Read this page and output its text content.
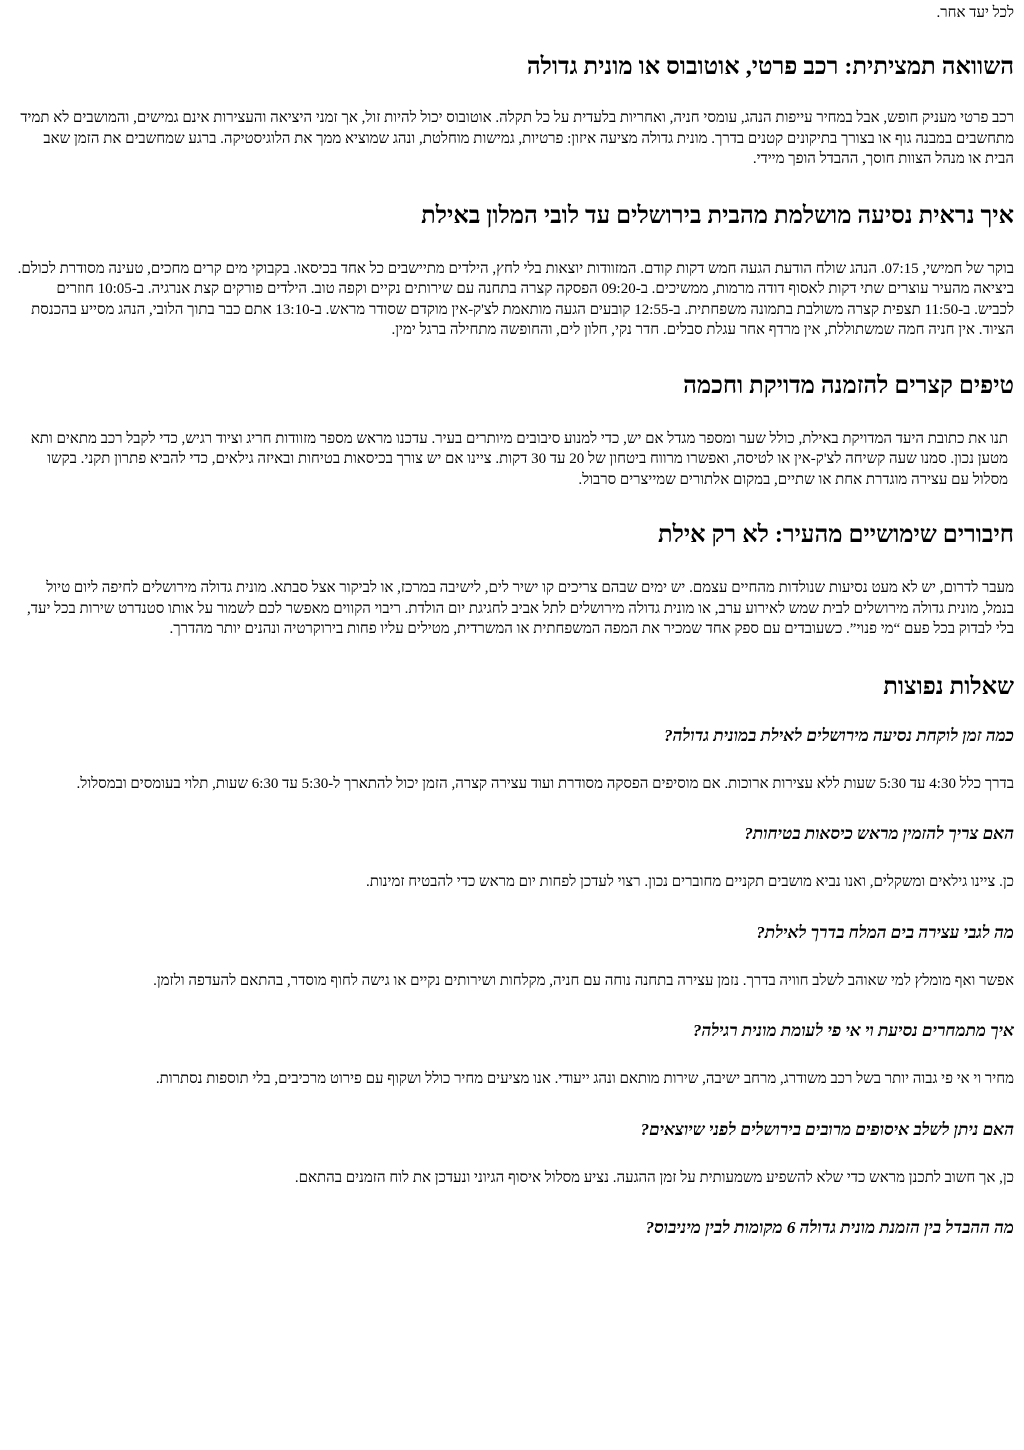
לכל יעד אחר.
השוואה תמציתית: רכב פרטי, אוטובוס או מונית גדולה

רכב פרטי מעניק חופש, אבל במחיר עייפות הנהג, עומסי חניה, ואחריות בלעדית על כל תקלה. אוטובוס יכול להיות זול, אך זמני היציאה והעצירות אינם גמישים, והמושבים לא תמיד מתחשבים במבנה גוף או בצורך בתיקונים קטנים בדרך. מונית גדולה מציעה איזון: פרטיות, גמישות מוחלטת, ונהג שמוציא ממך את הלוגיסטיקה. ברגע שמחשבים את הזמן שאב הבית או מנהל הצוות חוסך, ההבדל הופך מיידי.

איך נראית נסיעה מושלמת מהבית בירושלים עד לובי המלון באילת

בוקר של חמישי, 07:15. הנהג שולח הודעת הגעה חמש דקות קודם. המזוודות יוצאות בלי לחץ, הילדים מתיישבים כל אחד בכיסאו. בקבוקי מים קרים מחכים, טעינה מסודרת לכולם. ביציאה מהעיר עוצרים שתי דקות לאסוף דודה מרמות, ממשיכים. ב-09:20 הפסקה קצרה בתחנה עם שירותים נקיים וקפה טוב. הילדים פורקים קצת אנרגיה. ב-10:05 חוזרים לכביש. ב-11:50 תצפית קצרה משולבת בתמונה משפחתית. ב-12:55 קובעים הגעה מותאמת לצ'ק-אין מוקדם שסודר מראש. ב-13:10 אתם כבר בתוך הלובי, הנהג מסייע בהכנסת הציוד. אין חניה חמה שמשתוללת, אין מרדף אחר עגלת סבלים. חדר נקי, חלון לים, והחופשה מתחילה ברגל ימין.

טיפים קצרים להזמנה מדויקת וחכמה

תנו את כתובת היעד המדויקת באילת, כולל שער ומספר מגדל אם יש, כדי למנוע סיבובים מיותרים בעיר. עדכנו מראש מספר מזוודות חריג וציוד רגיש, כדי לקבל רכב מתאים ותא מטען נכון. סמנו שעה קשיחה לצ'ק-אין או לטיסה, ואפשרו מרווח ביטחון של 20 עד 30 דקות. ציינו אם יש צורך בכיסאות בטיחות ובאיזה גילאים, כדי להביא פתרון תקני. בקשו מסלול עם עצירה מוגדרת אחת או שתיים, במקום אלתורים שמייצרים סרבול.

חיבורים שימושיים מהעיר: לא רק אילת

מעבר לדרום, יש לא מעט נסיעות שנולדות מהחיים עצמם. יש ימים שבהם צריכים קו ישיר לים, לישיבה במרכז, או לביקור אצל סבתא. מונית גדולה מירושלים לחיפה ליום טיול בנמל, מונית גדולה מירושלים לבית שמש לאירוע ערב, או מונית גדולה מירושלים לתל אביב לחגיגת יום הולדת. ריבוי הקווים מאפשר לכם לשמור על אותו סטנדרט שירות בכל יעד, בלי לבדוק בכל פעם “מי פנוי”. כשעובדים עם ספק אחד שמכיר את המפה המשפחתית או המשרדית, מטילים עליו פחות בירוקרטיה ונהנים יותר מהדרך.

שאלות נפוצות
כמה זמן לוקחת נסיעה מירושלים לאילת במונית גדולה?

בדרך כלל 4:30 עד 5:30 שעות ללא עצירות ארוכות. אם מוסיפים הפסקה מסודרת ועוד עצירה קצרה, הזמן יכול להתארך ל-5:30 עד 6:30 שעות, תלוי בעומסים ובמסלול.

האם צריך להזמין מראש כיסאות בטיחות?

כן. ציינו גילאים ומשקלים, ואנו נביא מושבים תקניים מחוברים נכון. רצוי לעדכן לפחות יום מראש כדי להבטיח זמינות.

מה לגבי עצירה בים המלח בדרך לאילת?

אפשר ואף מומלץ למי שאוהב לשלב חוויה בדרך. נזמן עצירה בתחנה נוחה עם חניה, מקלחות ושירותים נקיים או גישה לחוף מוסדר, בהתאם להעדפה ולזמן.

איך מתמחרים נסיעת וי אי פי לעומת מונית רגילה?

מחיר וי אי פי גבוה יותר בשל רכב משודרג, מרחב ישיבה, שירות מותאם ונהג ייעודי. אנו מציעים מחיר כולל ושקוף עם פירוט מרכיבים, בלי תוספות נסתרות.

האם ניתן לשלב איסופים מרובים בירושלים לפני שיוצאים?

כן, אך חשוב לתכנן מראש כדי שלא להשפיע משמעותית על זמן ההגעה. נציע מסלול איסוף הגיוני ונעדכן את לוח הזמנים בהתאם.

מה ההבדל בין הזמנת מונית גדולה 6 מקומות לבין מיניבוס?
